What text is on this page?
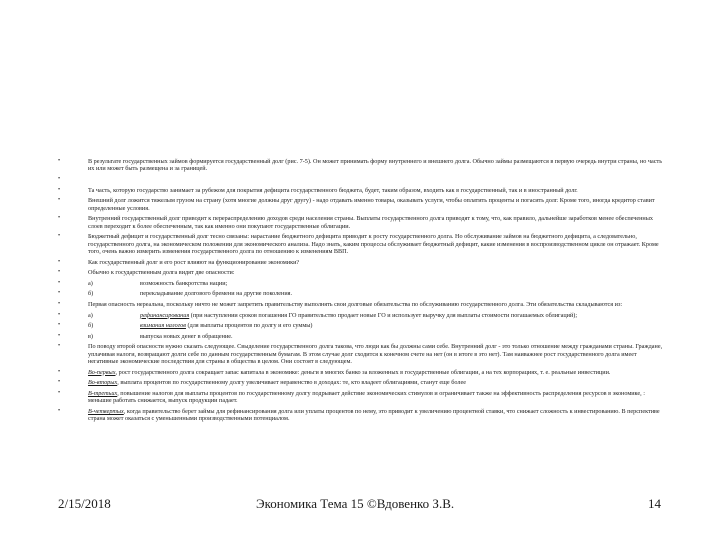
•	В результате государственных займов формируется государственный долг (рис. 7-5). Он может принимать форму внутреннего и внешнего долга. Обычно займы размещаются в первую очередь внутри страны, но часть их или может быть размещена и за границей.
•
•	Та часть, которую государство занимает за рубежом для покрытия дефицита государственного бюджета, будет, таким образом, входить как в государственный, так и в иностранный долг.
•	Внешний долг ложится тяжелым грузом на страну (хотя многие должны друг другу) - надо отдавать именно товары, оказывать услуги, чтобы оплатить проценты и погасить долг. Кроме того, иногда кредитор ставит определенные условия.
•	Внутренний государственный долг приводит к перераспределению доходов среди населения страны. Выплаты государственного долга приводят к тому, что, как правило, дальнейше заработков менее обеспеченных слоев переходит к более обеспеченным, так как именно они покупают государственные облигации.
•	Бюджетный дефицит и государственный долг тесно связаны: нарастание бюджетного дефицита приводит к росту государственного долга. Но обслуживание займов на бюджетного дефицита, а следовательно, государственного долга, на экономическом положении для экономического анализа. Надо знать, каким процессы обслуживает бюджетный дефицит, какие изменения в воспроизводственном цикле он отражает. Кроме того, очень важно измерить изменения государственного долга по отношению к изменениям ВВП.
•	Как государственный долг и его рост влияют на функционирование экономики?
•	Обычно к государственным долга видят две опасности:
•	а)	возможность банкротства нации;
•	б)	перекладывание долгового бремени на другие поколения.
•	Первая опасность нереальна, поскольку ничто не может запретить правительству выполнять свои долговые обязательства по обслуживанию государственного долга. Эти обязательства складываются из:
•	а)	рефинансирования (при наступлении сроков погашения ГО правительство продает новые ГО и использует выручку для выплаты стоимости погашаемых облигаций);
•	б)	взимания налогов (для выплаты процентов по долгу и его суммы)
•	в)	выпуска новых денег в обращение.
•	По поводу второй опасности нужно сказать следующее. Свыделение государственного долга такова, что люди как бы должны сами себе. Внутренний долг - это только отношение между гражданами страны. Граждане, уплачивая налоги, возвращают долги себе по данным государственным бумагам. В этом случае долг сходится к конечном счете на нет (он в итоге в это нет). Там наиважнее рост государственного долга имеет негативные экономические последствия для страны в общества в целом. Они состоят в следующем.
•	Во-первых, рост государственного долга сокращает запас капитала в экономике: деньги в многих банко за вложенных в государственные облигации, а на тех корпорациях, т. е. реальные инвестиции.
•	Во-вторых, выплата процентов по государственному долгу увеличивает неравенство в доходах: те, кто владеет облигациями, станут еще более
•	В-третьих, повышение налогов для выплаты процентов по государственному долгу подрывает действие экономических стимулов и ограничивает также на эффективность распределения ресурсов в экономике, : меньшие работать снижается, выпуск продукции падает.
•	В-четвертых, когда правительство берет займы для рефинансирования долга или уплаты процентов по нему, это приводит к увеличению процентной ставки, что снижает сложность к инвестированию. В перспективе страна может оказаться с уменьшенными производственными потенциалом.
2/15/2018	Экономика Тема 15 ©Вдовенко З.В.	14
